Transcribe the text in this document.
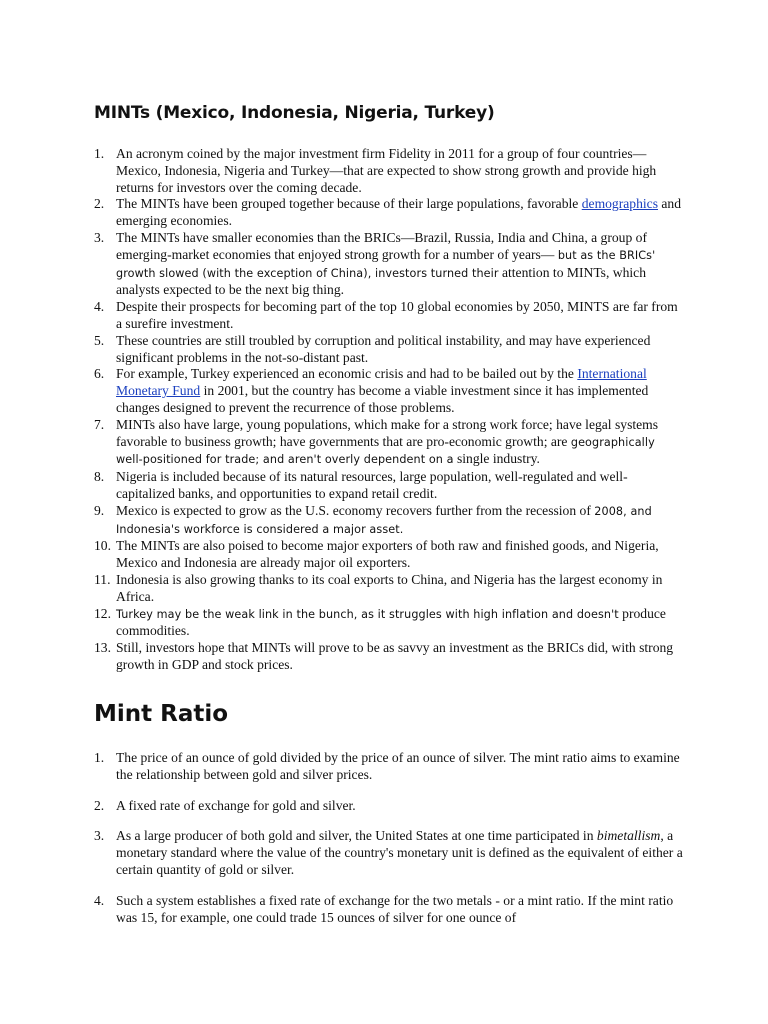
MINTs (Mexico, Indonesia, Nigeria, Turkey)
1. An acronym coined by the major investment firm Fidelity in 2011 for a group of four countries—Mexico, Indonesia, Nigeria and Turkey—that are expected to show strong growth and provide high returns for investors over the coming decade.
2. The MINTs have been grouped together because of their large populations, favorable demographics and emerging economies.
3. The MINTs have smaller economies than the BRICs—Brazil, Russia, India and China, a group of emerging-market economies that enjoyed strong growth for a number of years— but as the BRICs' growth slowed (with the exception of China), investors turned their attention to MINTs, which analysts expected to be the next big thing.
4. Despite their prospects for becoming part of the top 10 global economies by 2050, MINTS are far from a surefire investment.
5. These countries are still troubled by corruption and political instability, and may have experienced significant problems in the not-so-distant past.
6. For example, Turkey experienced an economic crisis and had to be bailed out by the International Monetary Fund in 2001, but the country has become a viable investment since it has implemented changes designed to prevent the recurrence of those problems.
7. MINTs also have large, young populations, which make for a strong work force; have legal systems favorable to business growth; have governments that are pro-economic growth; are geographically well-positioned for trade; and aren't overly dependent on a single industry.
8. Nigeria is included because of its natural resources, large population, well-regulated and well-capitalized banks, and opportunities to expand retail credit.
9. Mexico is expected to grow as the U.S. economy recovers further from the recession of 2008, and Indonesia's workforce is considered a major asset.
10. The MINTs are also poised to become major exporters of both raw and finished goods, and Nigeria, Mexico and Indonesia are already major oil exporters.
11. Indonesia is also growing thanks to its coal exports to China, and Nigeria has the largest economy in Africa.
12. Turkey may be the weak link in the bunch, as it struggles with high inflation and doesn't produce commodities.
13. Still, investors hope that MINTs will prove to be as savvy an investment as the BRICs did, with strong growth in GDP and stock prices.
Mint Ratio
1. The price of an ounce of gold divided by the price of an ounce of silver. The mint ratio aims to examine the relationship between gold and silver prices.
2. A fixed rate of exchange for gold and silver.
3. As a large producer of both gold and silver, the United States at one time participated in bimetallism, a monetary standard where the value of the country's monetary unit is defined as the equivalent of either a certain quantity of gold or silver.
4. Such a system establishes a fixed rate of exchange for the two metals - or a mint ratio. If the mint ratio was 15, for example, one could trade 15 ounces of silver for one ounce of
